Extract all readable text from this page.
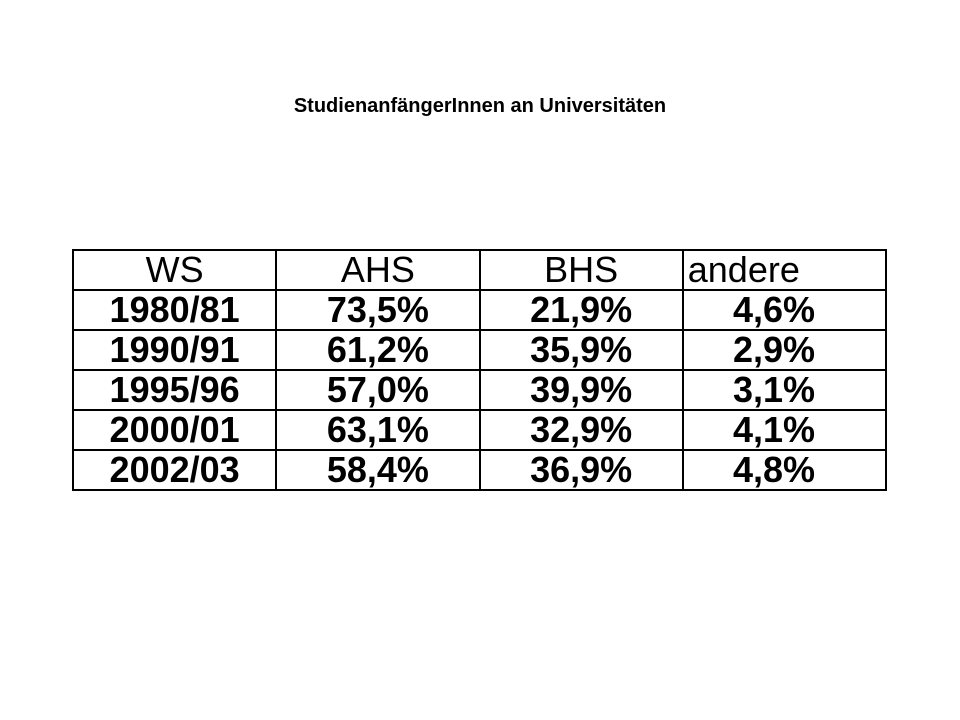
StudienanfängerInnen an Universitäten
WS	AHS	BHS	andere
1980/81	73,5%	21,9%	4,6%
1990/91	61,2%	35,9%	2,9%
1995/96	57,0%	39,9%	3,1%
2000/01	63,1%	32,9%	4,1%
2002/03	58,4%	36,9%	4,8%
